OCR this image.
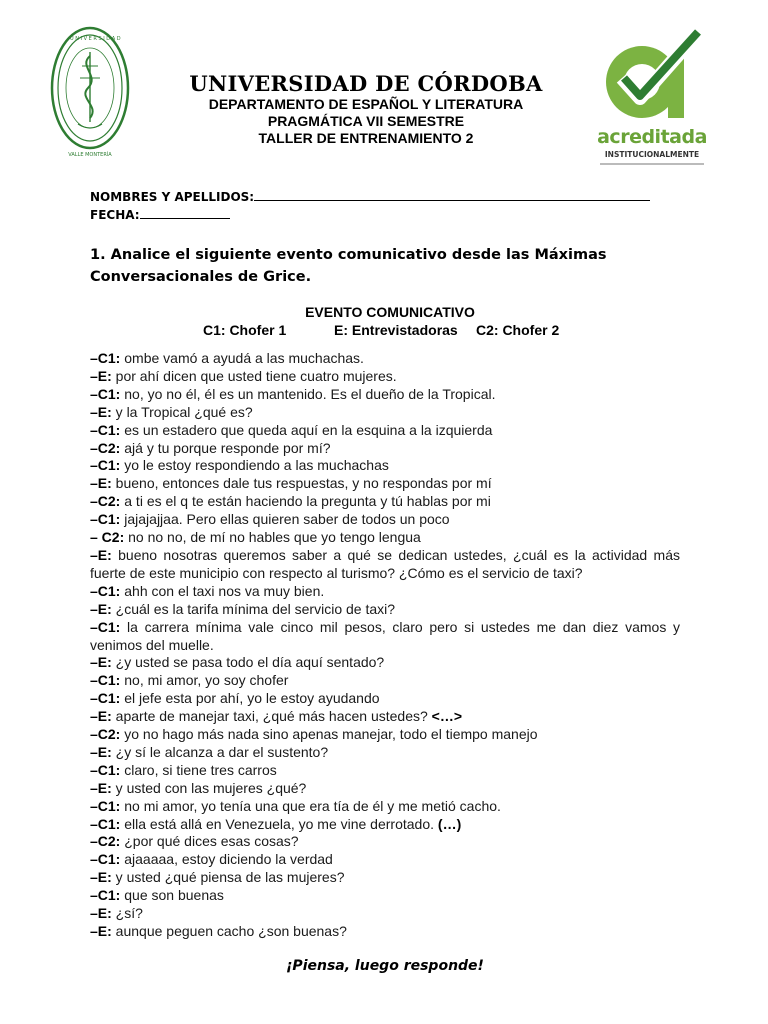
U N I V E R S I D A D
VALLE MONTERÍA
UNIVERSIDAD DE CÓRDOBA
DEPARTAMENTO DE ESPAÑOL Y LITERATURA
PRAGMÁTICA VII SEMESTRE
TALLER DE ENTRENAMIENTO 2	acreditada
INSTITUCIONALMENTE
NOMBRES Y APELLIDOS:
FECHA:
1. Analice el siguiente evento comunicativo desde las Máximas Conversacionales de Grice.
EVENTO COMUNICATIVO
C1: Chofer 1	E: Entrevistadoras C2: Chofer 2
–C1: ombe vamó a ayudá a las muchachas.
–E: por ahí dicen que usted tiene cuatro mujeres.
–C1: no, yo no él, él es un mantenido. Es el dueño de la Tropical.
–E: y la Tropical ¿qué es?
–C1: es un estadero que queda aquí en la esquina a la izquierda
–C2: ajá y tu porque responde por mí?
–C1: yo le estoy respondiendo a las muchachas
–E: bueno, entonces dale tus respuestas, y no respondas por mí
–C2: a ti es el q te están haciendo la pregunta y tú hablas por mi
–C1: jajajajjaa. Pero ellas quieren saber de todos un poco
– C2: no no no, de mí no hables que yo tengo lengua
–E: bueno nosotras queremos saber a qué se dedican ustedes, ¿cuál es la actividad más fuerte de este municipio con respecto al turismo? ¿Cómo es el servicio de taxi?
–C1: ahh con el taxi nos va muy bien.
–E: ¿cuál es la tarifa mínima del servicio de taxi?
–C1: la carrera mínima vale cinco mil pesos, claro pero si ustedes me dan diez vamos y venimos del muelle.
–E: ¿y usted se pasa todo el día aquí sentado?
–C1: no, mi amor, yo soy chofer
–C1: el jefe esta por ahí, yo le estoy ayudando
–E: aparte de manejar taxi, ¿qué más hacen ustedes? <…>
–C2: yo no hago más nada sino apenas manejar, todo el tiempo manejo
–E: ¿y sí le alcanza a dar el sustento?
–C1: claro, si tiene tres carros
–E: y usted con las mujeres ¿qué?
–C1: no mi amor, yo tenía una que era tía de él y me metió cacho.
–C1: ella está allá en Venezuela, yo me vine derrotado. (…)
–C2: ¿por qué dices esas cosas?
–C1: ajaaaaa, estoy diciendo la verdad
–E: y usted ¿qué piensa de las mujeres?
–C1: que son buenas
–E: ¿sí?
–E: aunque peguen cacho ¿son buenas?
¡Piensa, luego responde!
